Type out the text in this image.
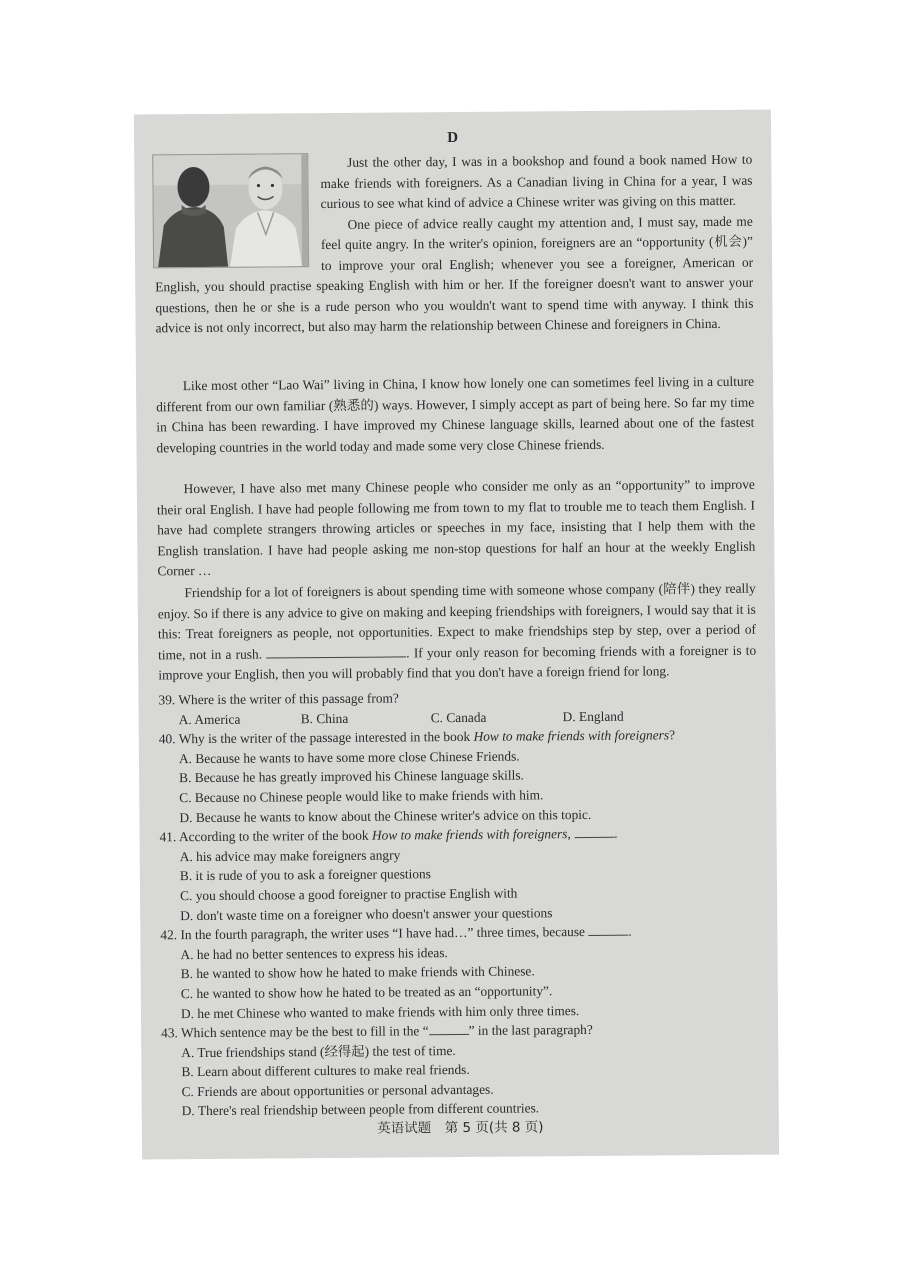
D
Just the other day, I was in a bookshop and found a book named How to make friends with foreigners. As a Canadian living in China for a year, I was curious to see what kind of advice a Chinese writer was giving on this matter.
One piece of advice really caught my attention and, I must say, made me feel quite angry. In the writer's opinion, foreigners are an “opportunity (机会)” to improve your oral English; whenever you see a foreigner, American or English, you should practise speaking English with him or her. If the foreigner doesn't want to answer your questions, then he or she is a rude person who you wouldn't want to spend time with anyway. I think this advice is not only incorrect, but also may harm the relationship between Chinese and foreigners in China.
Like most other “Lao Wai” living in China, I know how lonely one can sometimes feel living in a culture different from our own familiar (熟悉的) ways. However, I simply accept as part of being here. So far my time in China has been rewarding. I have improved my Chinese language skills, learned about one of the fastest developing countries in the world today and made some very close Chinese friends.
However, I have also met many Chinese people who consider me only as an “opportunity” to improve their oral English. I have had people following me from town to my flat to trouble me to teach them English. I have had complete strangers throwing articles or speeches in my face, insisting that I help them with the English translation. I have had people asking me non-stop questions for half an hour at the weekly English Corner …
Friendship for a lot of foreigners is about spending time with someone whose company (陪伴) they really enjoy. So if there is any advice to give on making and keeping friendships with foreigners, I would say that it is this: Treat foreigners as people, not opportunities. Expect to make friendships step by step, over a period of time, not in a rush.	. If your only reason for becoming friends with a foreigner is to improve your English, then you will probably find that you don't have a foreign friend for long.

39. Where is the writer of this passage from?

A. America	B. China	C. Canada	D. England

40. Why is the writer of the passage interested in the book How to make friends with foreigners?

A. Because he wants to have some more close Chinese Friends.

B. Because he has greatly improved his Chinese language skills.

C. Because no Chinese people would like to make friends with him.

D. Because he wants to know about the Chinese writer's advice on this topic.

41. According to the writer of the book How to make friends with foreigners,	.

A. his advice may make foreigners angry

B. it is rude of you to ask a foreigner questions

C. you should choose a good foreigner to practise English with

D. don't waste time on a foreigner who doesn't answer your questions

42. In the fourth paragraph, the writer uses “I have had…” three times, because	.

A. he had no better sentences to express his ideas.

B. he wanted to show how he hated to make friends with Chinese.

C. he wanted to show how he hated to be treated as an “opportunity”.

D. he met Chinese who wanted to make friends with him only three times.

43. Which sentence may be the best to fill in the “	” in the last paragraph?

A. True friendships stand (经得起) the test of time.

B. Learn about different cultures to make real friends.

C. Friends are about opportunities or personal advantages.

D. There's real friendship between people from different countries.

英语试题　第 5 页(共 8 页)
